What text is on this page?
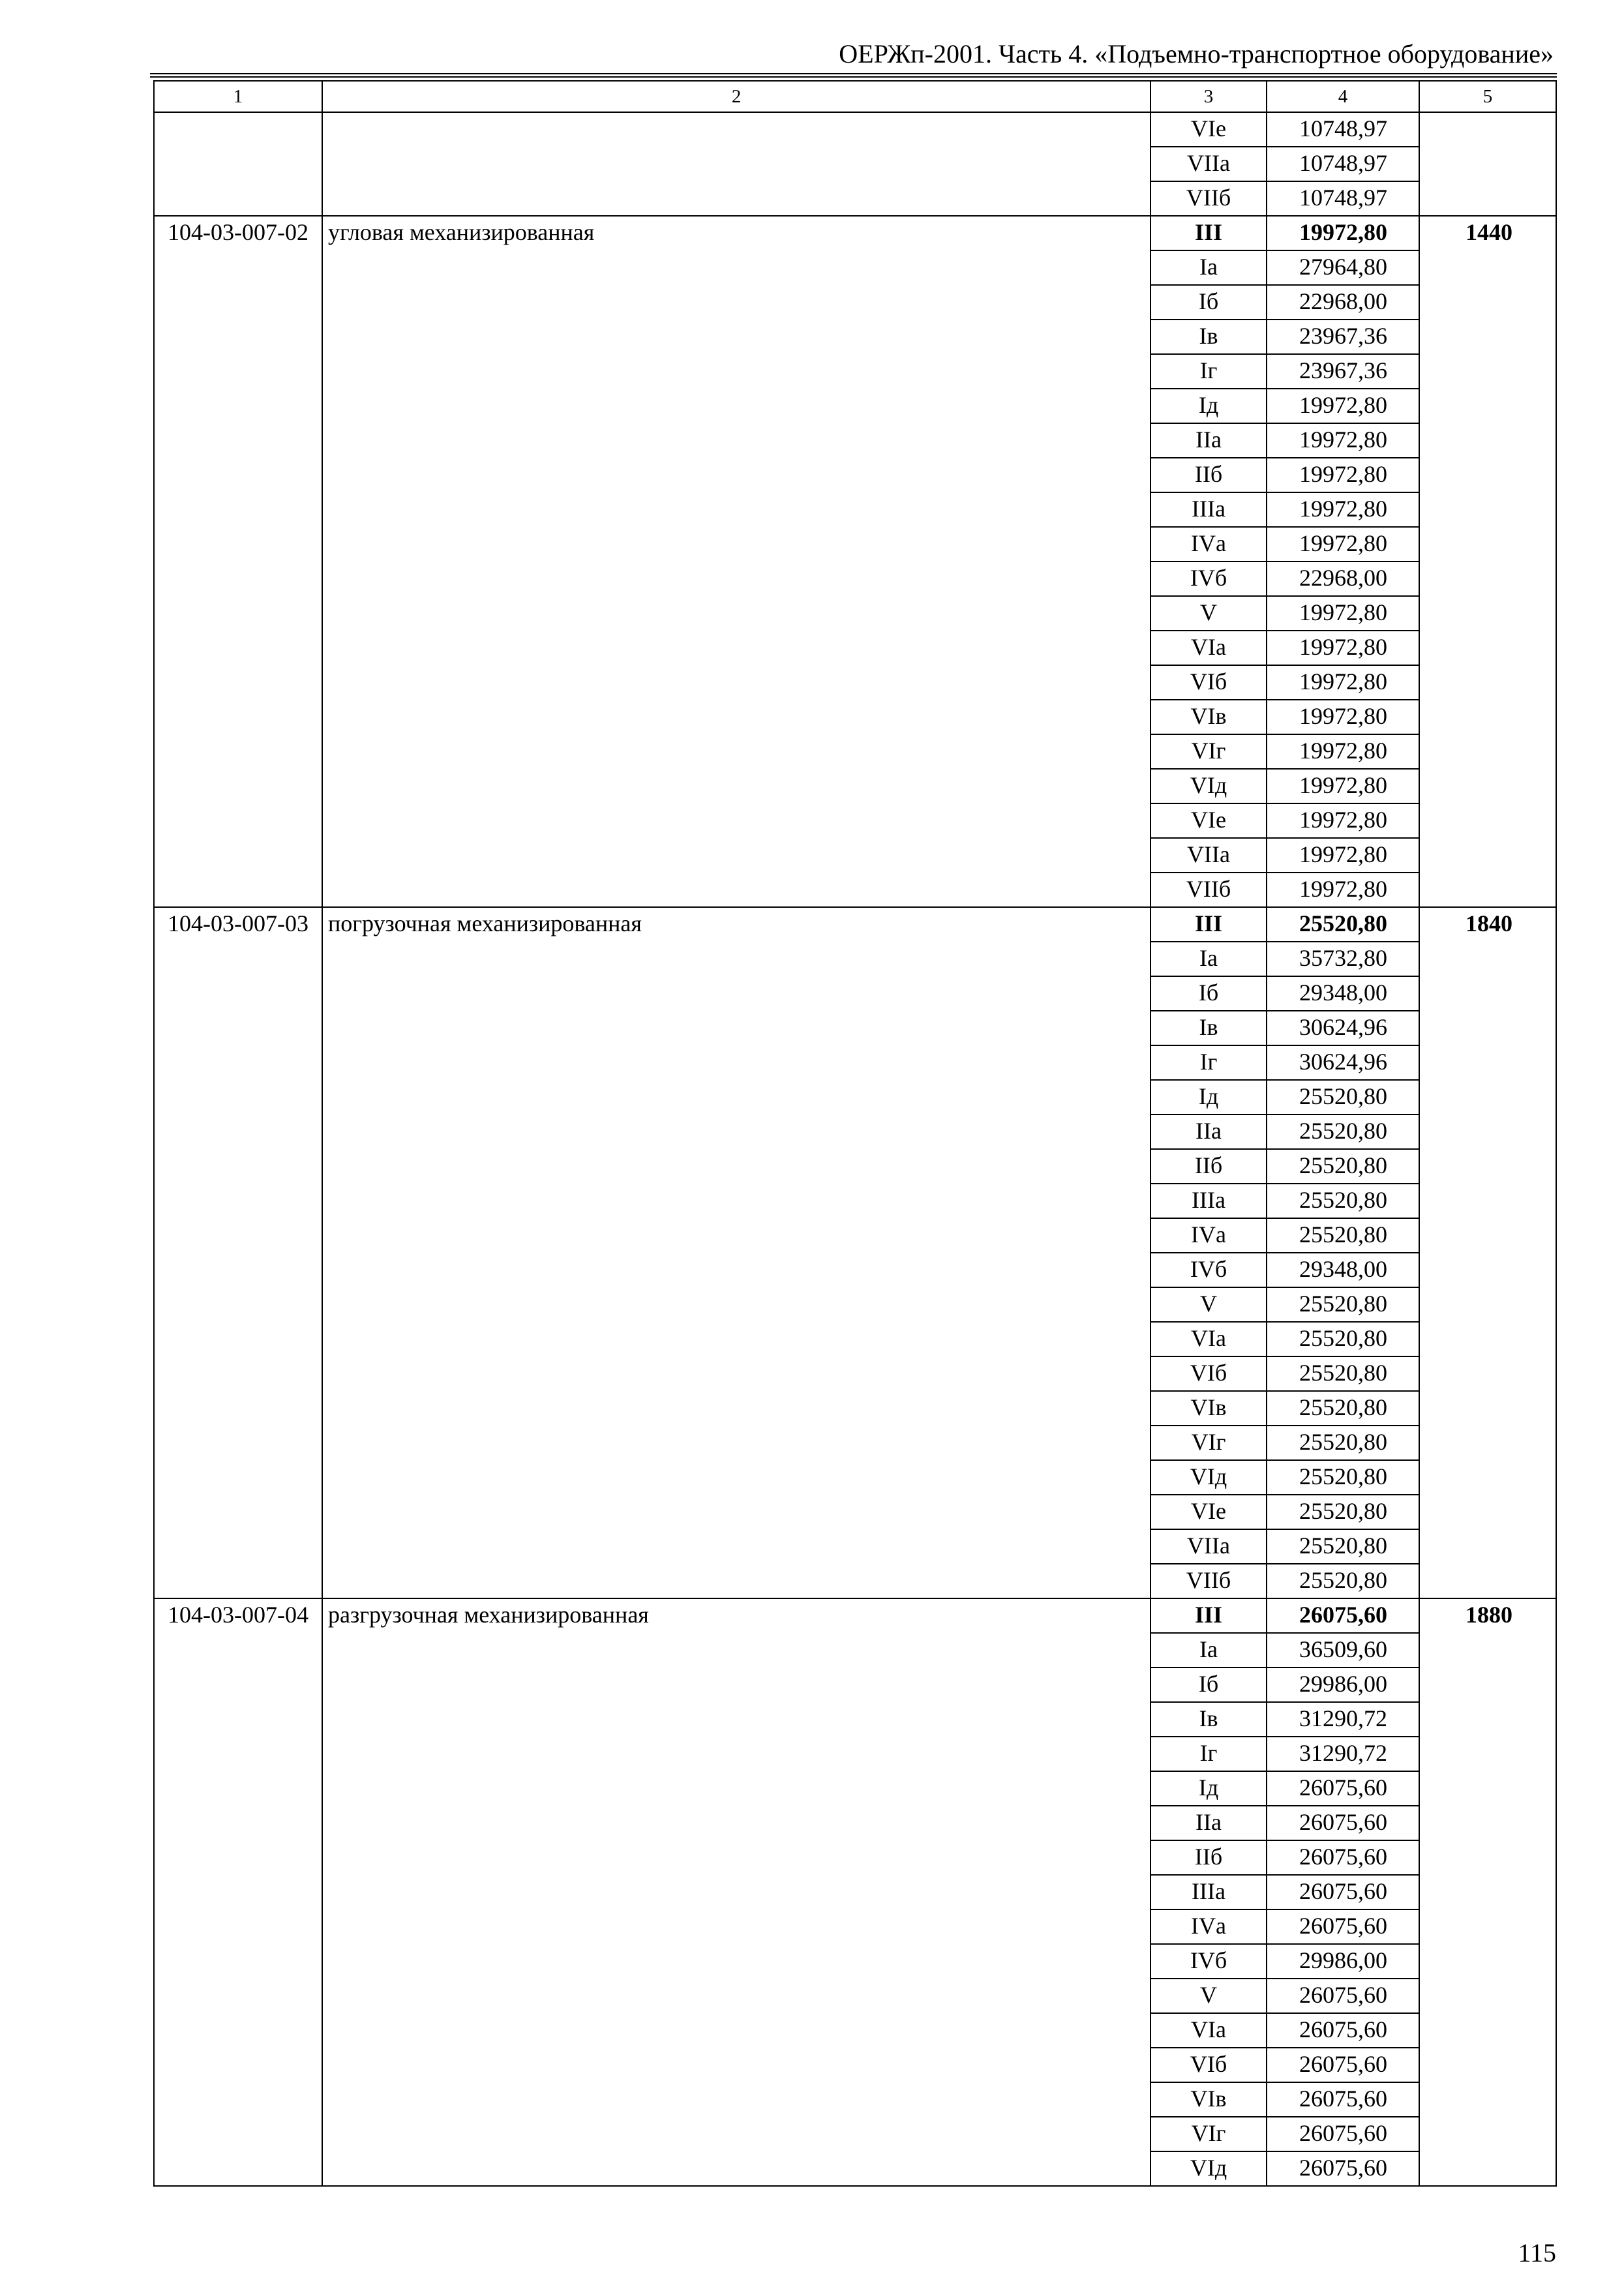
ОЕРЖп-2001. Часть 4. «Подъемно-транспортное оборудование»
1	2	3	4	5
		VIе	10748,97	
		VIIа	10748,97	
		VIIб	10748,97	
104-03-007-02	угловая механизированная	III	19972,80	1440
		Iа	27964,80	
		Iб	22968,00	
		Iв	23967,36	
		Iг	23967,36	
		Iд	19972,80	
		IIа	19972,80	
		IIб	19972,80	
		IIIа	19972,80	
		IVа	19972,80	
		IVб	22968,00	
		V	19972,80	
		VIа	19972,80	
		VIб	19972,80	
		VIв	19972,80	
		VIг	19972,80	
		VIд	19972,80	
		VIе	19972,80	
		VIIа	19972,80	
		VIIб	19972,80	
104-03-007-03	погрузочная механизированная	III	25520,80	1840
		Iа	35732,80	
		Iб	29348,00	
		Iв	30624,96	
		Iг	30624,96	
		Iд	25520,80	
		IIа	25520,80	
		IIб	25520,80	
		IIIа	25520,80	
		IVа	25520,80	
		IVб	29348,00	
		V	25520,80	
		VIа	25520,80	
		VIб	25520,80	
		VIв	25520,80	
		VIг	25520,80	
		VIд	25520,80	
		VIе	25520,80	
		VIIа	25520,80	
		VIIб	25520,80	
104-03-007-04	разгрузочная механизированная	III	26075,60	1880
		Iа	36509,60	
		Iб	29986,00	
		Iв	31290,72	
		Iг	31290,72	
		Iд	26075,60	
		IIа	26075,60	
		IIб	26075,60	
		IIIа	26075,60	
		IVа	26075,60	
		IVб	29986,00	
		V	26075,60	
		VIа	26075,60	
		VIб	26075,60	
		VIв	26075,60	
		VIг	26075,60	
		VIд	26075,60	
115
